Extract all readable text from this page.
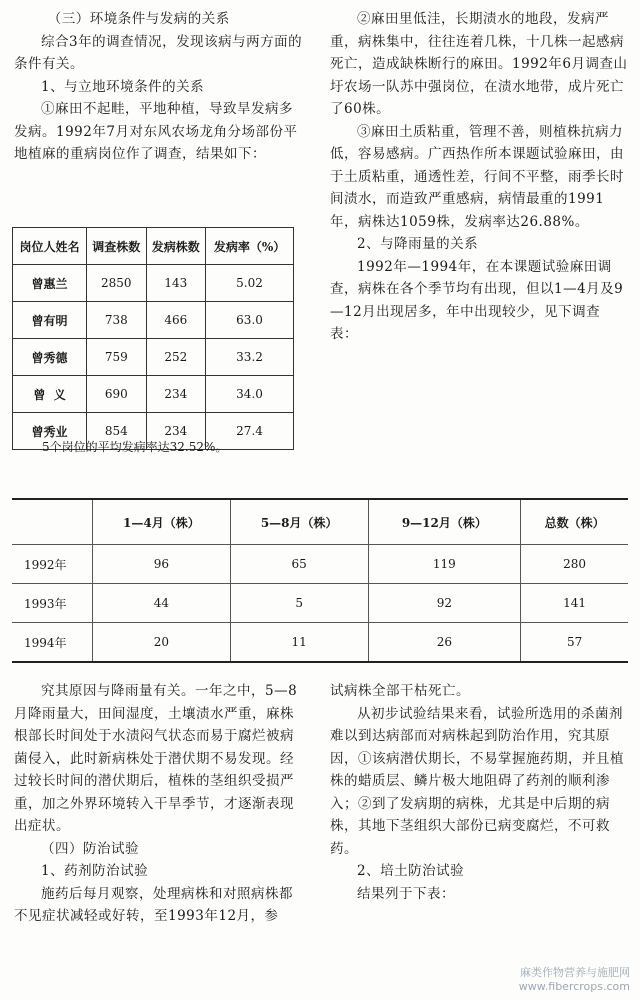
（三）环境条件与发病的关系

综合3年的调查情况，发现该病与两方面的条件有关。

1、与立地环境条件的关系

①麻田不起畦，平地种植，导致旱发病多发病。1992年7月对东风农场龙角分场部份平地植麻的重病岗位作了调查，结果如下：

岗位人姓名	调查株数	发病株数	发病率（%）
曾惠兰	2850	143	5.02
曾有明	738	466	63.0
曾秀德	759	252	33.2
曾  义	690	234	34.0
曾秀业	854	234	27.4
5个岗位的平均发病率达32.52%。

②麻田里低洼，长期渍水的地段，发病严重，病株集中，往往连着几株，十几株一起感病死亡，造成缺株断行的麻田。1992年6月调查山圩农场一队苏中强岗位，在渍水地带，成片死亡了60株。

③麻田土质粘重，管理不善，则植株抗病力低，容易感病。广西热作所本课题试验麻田，由于土质粘重，通透性差，行间不平整，雨季长时间渍水，而造致严重感病，病情最重的1991年，病株达1059株，发病率达26.88%。

2、与降雨量的关系

1992年—1994年，在本课题试验麻田调查，病株在各个季节均有出现，但以1—4月及9—12月出现居多，年中出现较少，见下调查表：

	1—4月（株）	5—8月（株）	9—12月（株）	总数（株）
1992年	96	65	119	280
1993年	44	5	92	141
1994年	20	11	26	57

究其原因与降雨量有关。一年之中，5—8月降雨量大，田间湿度，土壤渍水严重，麻株根部长时间处于水渍闷气状态而易于腐烂被病菌侵入，此时新病株处于潜伏期不易发现。经过较长时间的潜伏期后，植株的茎组织受损严重，加之外界环境转入干旱季节，才逐渐表现出症状。

（四）防治试验

1、药剂防治试验

施药后每月观察，处理病株和对照病株都不见症状减轻或好转，至1993年12月，参

试病株全部干枯死亡。

从初步试验结果来看，试验所选用的杀菌剂难以到达病部而对病株起到防治作用，究其原因，①该病潜伏期长，不易掌握施药期，并且植株的蜡质层、鳞片极大地阻碍了药剂的顺利渗入；②到了发病期的病株，尤其是中后期的病株，其地下茎组织大部份已病变腐烂，不可救药。

2、培土防治试验

结果列于下表：

麻类作物营养与施肥网
www.fibercrops.com
